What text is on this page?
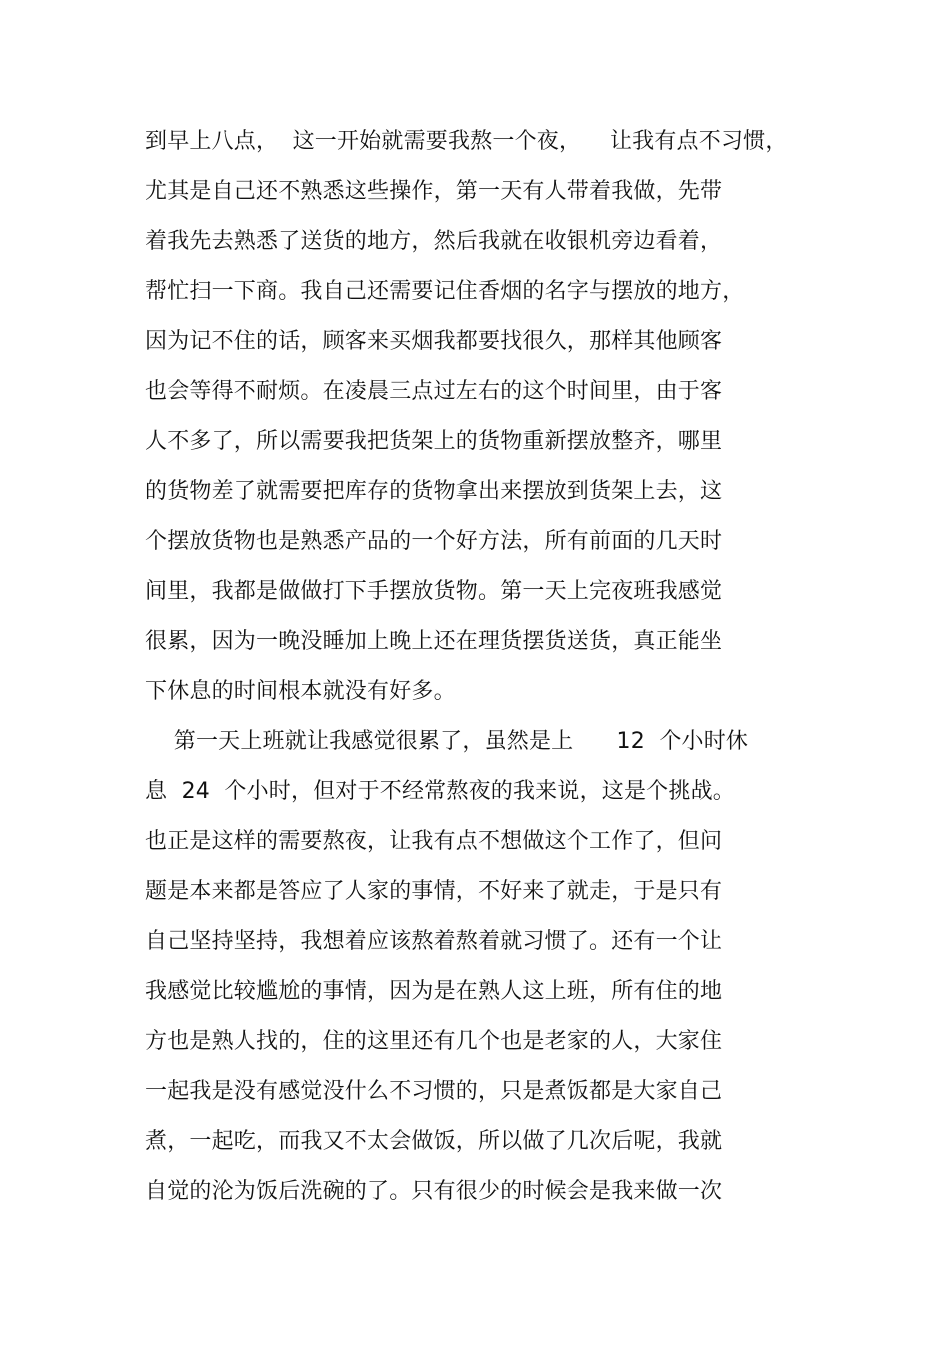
到早上八点，  这一开始就需要我熬一个夜，    让我有点不习惯，
尤其是自己还不熟悉这些操作，第一天有人带着我做，先带
着我先去熟悉了送货的地方，然后我就在收银机旁边看着，
帮忙扫一下商。我自己还需要记住香烟的名字与摆放的地方，
因为记不住的话，顾客来买烟我都要找很久，那样其他顾客
也会等得不耐烦。在凌晨三点过左右的这个时间里，由于客
人不多了，所以需要我把货架上的货物重新摆放整齐，哪里
的货物差了就需要把库存的货物拿出来摆放到货架上去，这
个摆放货物也是熟悉产品的一个好方法，所有前面的几天时
间里，我都是做做打下手摆放货物。第一天上完夜班我感觉
很累，因为一晚没睡加上晚上还在理货摆货送货，真正能坐
下休息的时间根本就没有好多。
第一天上班就让我感觉很累了，虽然是上      12  个小时休
息  24  个小时，但对于不经常熬夜的我来说，这是个挑战。
也正是这样的需要熬夜，让我有点不想做这个工作了，但问
题是本来都是答应了人家的事情，不好来了就走，于是只有
自己坚持坚持，我想着应该熬着熬着就习惯了。还有一个让
我感觉比较尴尬的事情，因为是在熟人这上班，所有住的地
方也是熟人找的，住的这里还有几个也是老家的人，大家住
一起我是没有感觉没什么不习惯的，只是煮饭都是大家自己
煮，一起吃，而我又不太会做饭，所以做了几次后呢，我就
自觉的沦为饭后洗碗的了。只有很少的时候会是我来做一次
